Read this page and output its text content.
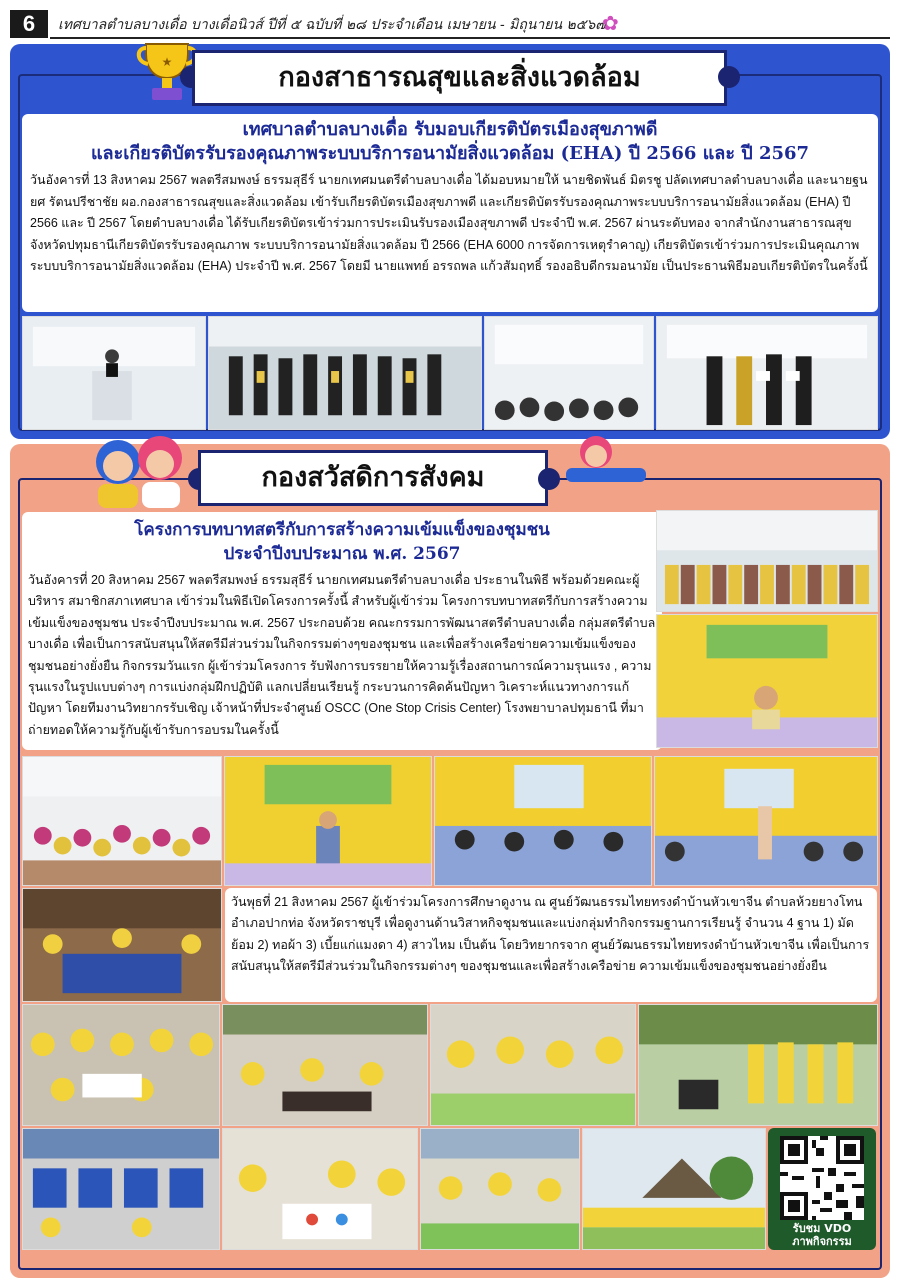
6	เทศบาลตำบลบางเดื่อ บางเดื่อนิวส์ ปีที่ ๕ ฉบับที่ ๒๘ ประจำเดือน เมษายน - มิถุนายน ๒๕๖๗
✿
★	กองสาธารณสุขและสิ่งแวดล้อม
เทศบาลตำบลบางเดื่อ รับมอบเกียรติบัตรเมืองสุขภาพดี
และเกียรติบัตรรับรองคุณภาพระบบบริการอนามัยสิ่งแวดล้อม (EHA) ปี 2566 และ ปี 2567

วันอังคารที่ 13 สิงหาคม 2567 พลตรีสมพงษ์ ธรรมสุธีร์ นายกเทศมนตรีตำบลบางเดื่อ ได้มอบหมายให้ นายชิดพันธ์ มิตรชู ปลัดเทศบาลตำบลบางเดื่อ และนายฐนยศ รัตนปรีชาชัย ผอ.กองสาธารณสุขและสิ่งแวดล้อม เข้ารับเกียรติบัตรเมืองสุขภาพดี และเกียรติบัตรรับรองคุณภาพระบบบริการอนามัยสิ่งแวดล้อม (EHA) ปี 2566 และ ปี 2567 โดยตำบลบางเดื่อ ได้รับเกียรติบัตรเข้าร่วมการประเมินรับรองเมืองสุขภาพดี ประจำปี พ.ศ. 2567 ผ่านระดับทอง จากสำนักงานสาธารณสุขจังหวัดปทุมธานีเกียรติบัตรรับรองคุณภาพ ระบบบริการอนามัยสิ่งแวดล้อม ปี 2566 (EHA 6000 การจัดการเหตุรำคาญ) เกียรติบัตรเข้าร่วมการประเมินคุณภาพระบบบริการอนามัยสิ่งแวดล้อม (EHA) ประจำปี พ.ศ. 2567 โดยมี นายแพทย์ อรรถพล แก้วสัมฤทธิ์ รองอธิบดีกรมอนามัย เป็นประธานพิธีมอบเกียรติบัตรในครั้งนี้

กองสวัสดิการสังคม
โครงการบทบาทสตรีกับการสร้างความเข้มแข็งของชุมชน
ประจำปีงบประมาณ พ.ศ. 2567

วันอังคารที่ 20 สิงหาคม 2567 พลตรีสมพงษ์ ธรรมสุธีร์ นายกเทศมนตรีตำบลบางเดื่อ ประธานในพิธี พร้อมด้วยคณะผู้บริหาร สมาชิกสภาเทศบาล เข้าร่วมในพิธีเปิดโครงการครั้งนี้ สำหรับผู้เข้าร่วม โครงการบทบาทสตรีกับการสร้างความเข้มแข็งของชุมชน ประจำปีงบประมาณ พ.ศ. 2567 ประกอบด้วย คณะกรรมการพัฒนาสตรีตำบลบางเดื่อ กลุ่มสตรีตำบลบางเดื่อ เพื่อเป็นการสนับสนุนให้สตรีมีส่วนร่วมในกิจกรรมต่างๆของชุมชน และเพื่อสร้างเครือข่ายความเข้มแข็งของชุมชนอย่างยั่งยืน กิจกรรมวันแรก ผู้เข้าร่วมโครงการ รับฟังการบรรยายให้ความรู้เรื่องสถานการณ์ความรุนแรง , ความรุนแรงในรูปแบบต่างๆ การแบ่งกลุ่มฝึกปฏิบัติ แลกเปลี่ยนเรียนรู้ กระบวนการคิดค้นปัญหา วิเคราะห์แนวทางการแก้ปัญหา โดยทีมงานวิทยากรรับเชิญ เจ้าหน้าที่ประจำศูนย์ OSCC (One Stop Crisis Center) โรงพยาบาลปทุมธานี ที่มาถ่ายทอดให้ความรู้กับผู้เข้ารับการอบรมในครั้งนี้

วันพุธที่ 21 สิงหาคม 2567 ผู้เข้าร่วมโครงการศึกษาดูงาน ณ ศูนย์วัฒนธรรมไทยทรงดำบ้านหัวเขาจีน ตำบลห้วยยางโทน อำเภอปากท่อ จังหวัดราชบุรี เพื่อดูงานด้านวิสาหกิจชุมชนและแบ่งกลุ่มทำกิจกรรมฐานการเรียนรู้ จำนวน 4 ฐาน 1) มัดย้อม 2) ทอผ้า 3) เบี้ยแก่แมงดา 4) สาวไหม เป็นต้น โดยวิทยากรจาก ศูนย์วัฒนธรรมไทยทรงดำบ้านหัวเขาจีน เพื่อเป็นการสนับสนุนให้สตรีมีส่วนร่วมในกิจกรรมต่างๆ ของชุมชนและเพื่อสร้างเครือข่าย ความเข้มแข็งของชุมชนอย่างยั่งยืน

รับชม VDO
ภาพกิจกรรม
